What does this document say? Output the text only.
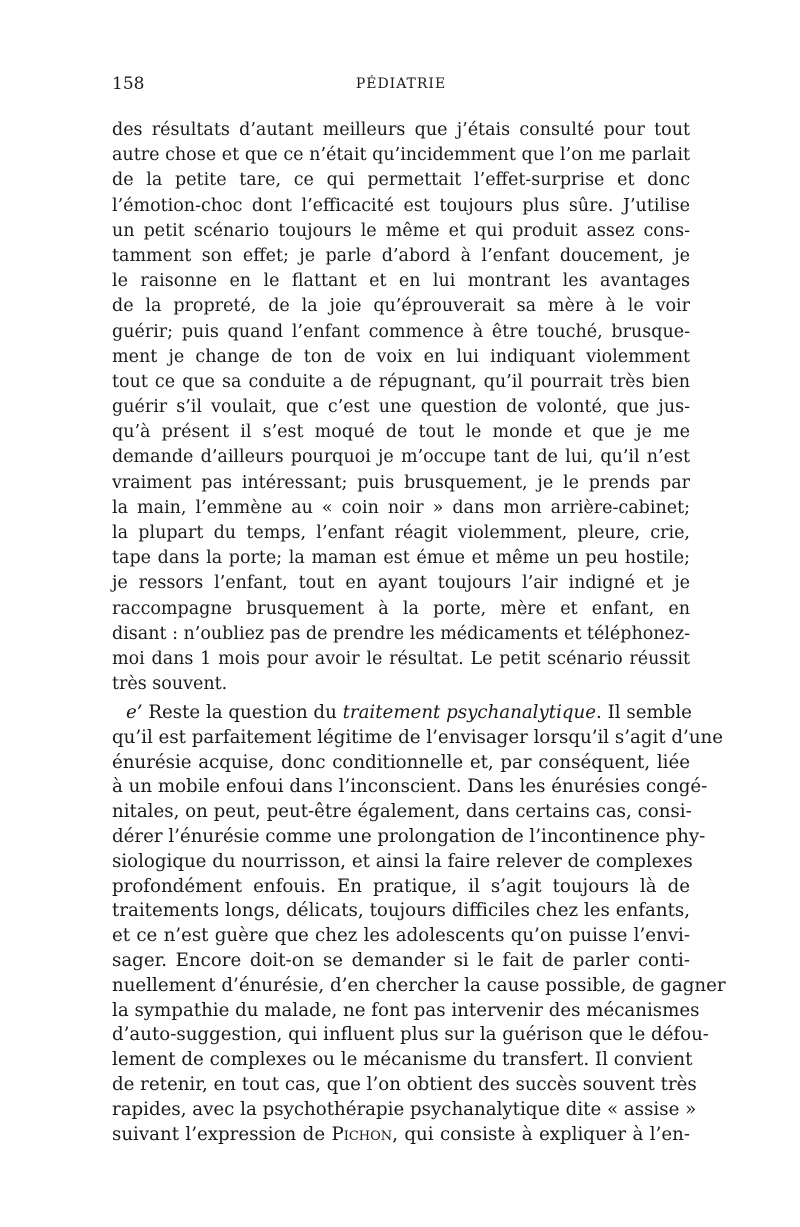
158	PÉDIATRIE
des résultats d’autant meilleurs que j’étais consulté pour tout
autre chose et que ce n’était qu’incidemment que l’on me parlait
de la petite tare, ce qui permettait l’effet-surprise et donc
l’émotion-choc dont l’efficacité est toujours plus sûre. J’utilise
un petit scénario toujours le même et qui produit assez cons-
tamment son effet; je parle d’abord à l’enfant doucement, je
le raisonne en le flattant et en lui montrant les avantages
de la propreté, de la joie qu’éprouverait sa mère à le voir
guérir; puis quand l’enfant commence à être touché, brusque-
ment je change de ton de voix en lui indiquant violemment
tout ce que sa conduite a de répugnant, qu’il pourrait très bien
guérir s’il voulait, que c’est une question de volonté, que jus-
qu’à présent il s’est moqué de tout le monde et que je me
demande d’ailleurs pourquoi je m’occupe tant de lui, qu’il n’est
vraiment pas intéressant; puis brusquement, je le prends par
la main, l’emmène au « coin noir » dans mon arrière-cabinet;
la plupart du temps, l’enfant réagit violemment, pleure, crie,
tape dans la porte; la maman est émue et même un peu hostile;
je ressors l’enfant, tout en ayant toujours l’air indigné et je
raccompagne brusquement à la porte, mère et enfant, en
disant : n’oubliez pas de prendre les médicaments et téléphonez-
moi dans 1 mois pour avoir le résultat. Le petit scénario réussit
très souvent.
e’ Reste la question du traitement psychanalytique. Il semble
qu’il est parfaitement légitime de l’envisager lorsqu’il s’agit d’une
énurésie acquise, donc conditionnelle et, par conséquent, liée
à un mobile enfoui dans l’inconscient. Dans les énurésies congé-
nitales, on peut, peut-être également, dans certains cas, consi-
dérer l’énurésie comme une prolongation de l’incontinence phy-
siologique du nourrisson, et ainsi la faire relever de complexes
profondément enfouis. En pratique, il s’agit toujours là de
traitements longs, délicats, toujours difficiles chez les enfants,
et ce n’est guère que chez les adolescents qu’on puisse l’envi-
sager. Encore doit-on se demander si le fait de parler conti-
nuellement d’énurésie, d’en chercher la cause possible, de gagner
la sympathie du malade, ne font pas intervenir des mécanismes
d’auto-suggestion, qui influent plus sur la guérison que le défou-
lement de complexes ou le mécanisme du transfert. Il convient
de retenir, en tout cas, que l’on obtient des succès souvent très
rapides, avec la psychothérapie psychanalytique dite « assise »
suivant l’expression de Pichon, qui consiste à expliquer à l’en-
